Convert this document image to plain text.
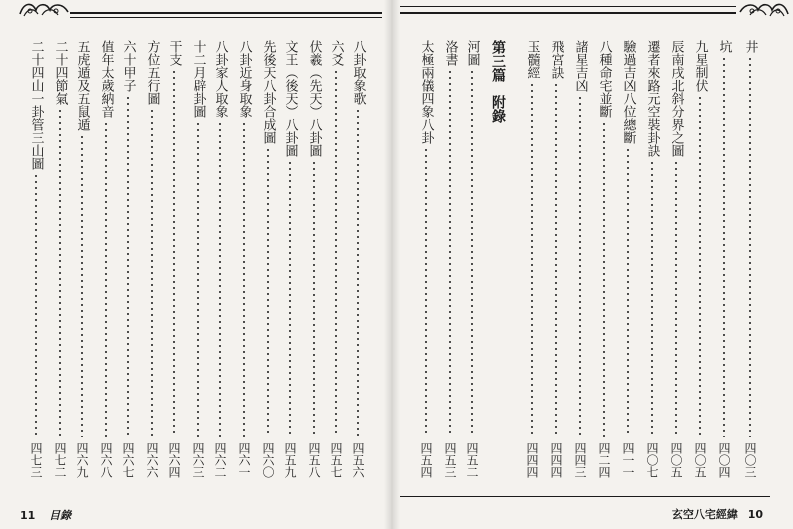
八卦取象歌
四五六
六爻
四五七
伏羲（先天）八卦圖
四五八
文王（後天）八卦圖
四五九
先後天八卦合成圖
四六〇
八卦近身取象
四六一
八卦家人取象
四六二
十二月辟卦圖
四六三
干支
四六四
方位五行圖
四六六
六十甲子
四六七
值年太歲納音
四六八
五虎遁及五鼠遁
四六九
二十四節氣
四七二
二十四山一卦管三山圖
四七三
11 目錄
井
四〇三
坑
四〇四
九星制伏
四〇五
辰南戌北斜分界之圖
四〇五
遷者來路元空裝卦訣
四〇七
驗過吉凶八位總斷
四一一
八種命宅並斷
四二四
諸星吉凶
四四三
飛宮訣
四四四
玉髓經
四四四
第三篇　附錄
河圖
四五二
洛書
四五三
太極兩儀四象八卦
四五四
玄空八宅經緯 10
